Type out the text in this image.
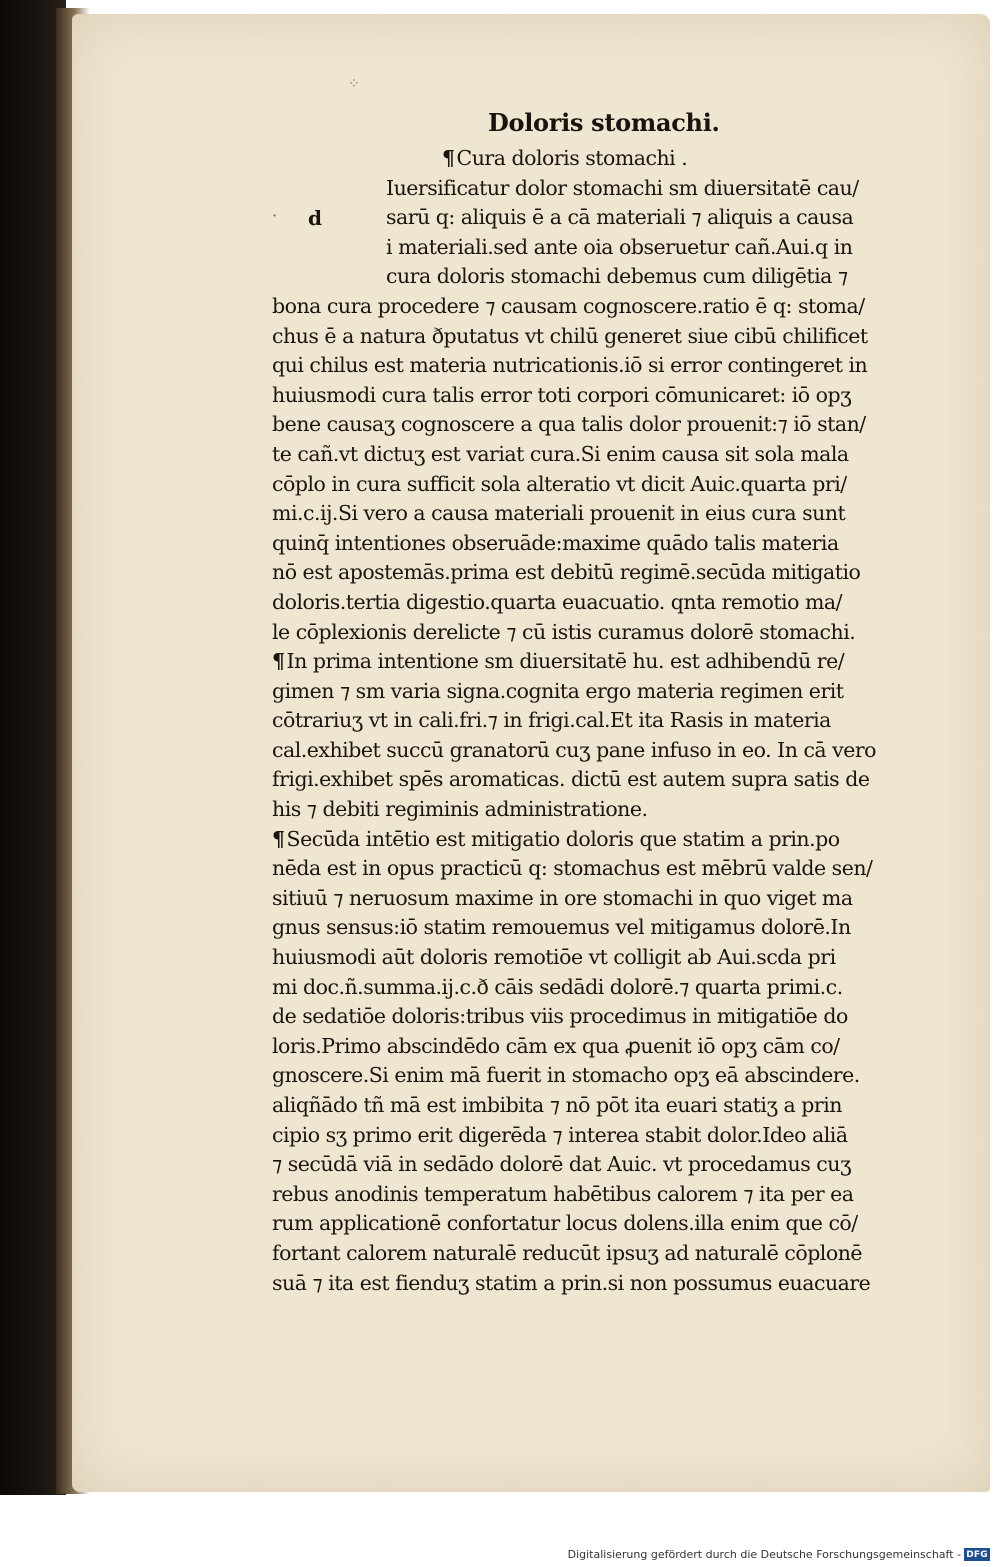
⁘
· d
Doloris stomachi.
¶Cura doloris stomachi .
Iuersificatur dolor stomachi sm diuersitatē cau/
sarū q: aliquis ē a cā materiali ⁊ aliquis a causa
i materiali.sed ante oia obseruetur cañ.Aui.q in
cura doloris stomachi debemus cum diligētia ⁊
bona cura procedere ⁊ causam cognoscere.ratio ē q: stoma/
chus ē a natura ðputatus vt chilū generet siue cibū chilificet
qui chilus est materia nutricationis.iō si error contingeret in
huiusmodi cura talis error toti corpori cōmunicaret: iō opʒ
bene causaʒ cognoscere a qua talis dolor prouenit:⁊ iō stan/
te cañ.vt dictuʒ est variat cura.Si enim causa sit sola mala
cōplo in cura sufficit sola alteratio vt dicit Auic.quarta pri/
mi.c.ij.Si vero a causa materiali prouenit in eius cura sunt
quinq̄ intentiones obseruāde:maxime quādo talis materia
nō est apostemās.prima est debitū regimē.secūda mitigatio
doloris.tertia digestio.quarta euacuatio. qnta remotio ma/
le cōplexionis derelicte ⁊ cū istis curamus dolorē stomachi.
¶In prima intentione sm diuersitatē hu. est adhibendū re/
gimen ⁊ sm varia signa.cognita ergo materia regimen erit
cōtrariuʒ vt in cali.fri.⁊ in frigi.cal.Et ita Rasis in materia
cal.exhibet succū granatorū cuʒ pane infuso in eo. In cā vero
frigi.exhibet spēs aromaticas. dictū est autem supra satis de
his ⁊ debiti regiminis administratione.
¶Secūda intētio est mitigatio doloris que statim a prin.po
nēda est in opus practicū q: stomachus est mēbrū valde sen/
sitiuū ⁊ neruosum maxime in ore stomachi in quo viget ma
gnus sensus:iō statim remouemus vel mitigamus dolorē.In
huiusmodi aūt doloris remotiōe vt colligit ab Aui.scda pri
mi doc.ñ.summa.ij.c.ð cāis sedādi dolorē.⁊ quarta primi.c.
de sedatiōe doloris:tribus viis procedimus in mitigatiōe do
loris.Primo abscindēdo cām ex qua ꝓuenit iō opʒ cām co/
gnoscere.Si enim mā fuerit in stomacho opʒ eā abscindere.
aliqñādo tñ mā est imbibita ⁊ nō pōt ita euari statiʒ a prin
cipio sʒ primo erit digerēda ⁊ interea stabit dolor.Ideo aliā
⁊ secūdā viā in sedādo dolorē dat Auic. vt procedamus cuʒ
rebus anodinis temperatum habētibus calorem ⁊ ita per ea
rum applicationē confortatur locus dolens.illa enim que cō/
fortant calorem naturalē reducūt ipsuʒ ad naturalē cōplonē
suā ⁊ ita est fienduʒ statim a prin.si non possumus euacuare
Digitalisierung gefördert durch die Deutsche Forschungsgemeinschaft - DFG
